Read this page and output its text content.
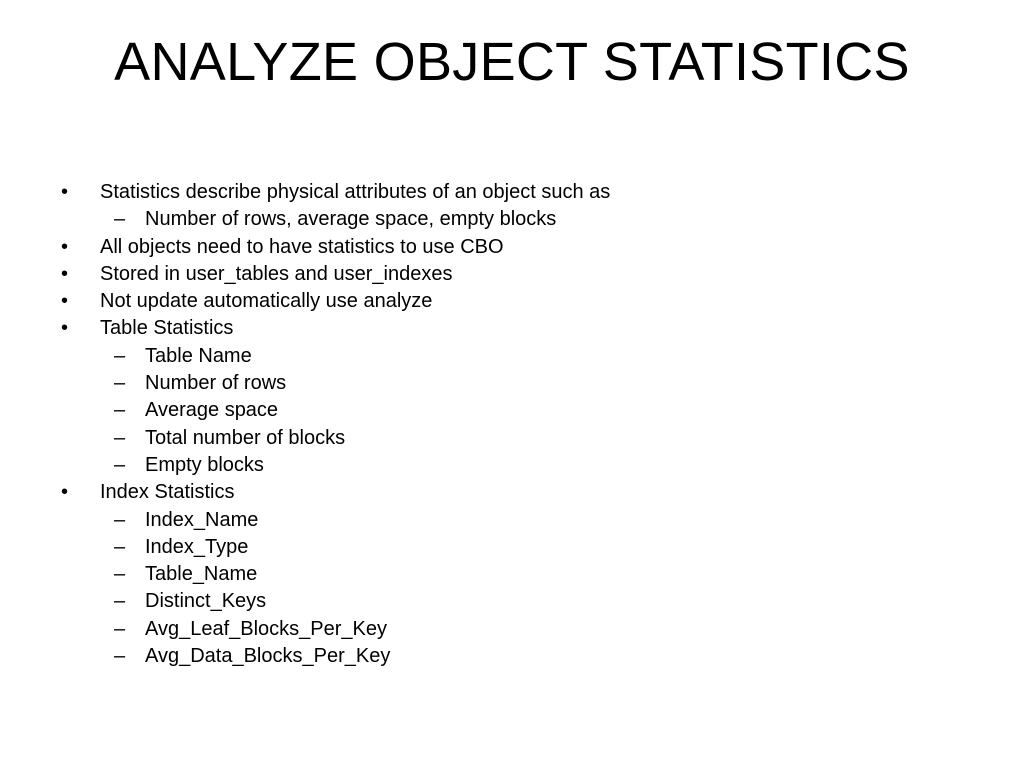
ANALYZE OBJECT STATISTICS
• Statistics describe physical attributes of an object such as
– Number of rows, average space, empty blocks
• All objects need to have statistics to use CBO
• Stored in user_tables and user_indexes
• Not update automatically use analyze
• Table Statistics
– Table Name
– Number of rows
– Average space
– Total number of blocks
– Empty blocks
• Index Statistics
– Index_Name
– Index_Type
– Table_Name
– Distinct_Keys
– Avg_Leaf_Blocks_Per_Key
– Avg_Data_Blocks_Per_Key
